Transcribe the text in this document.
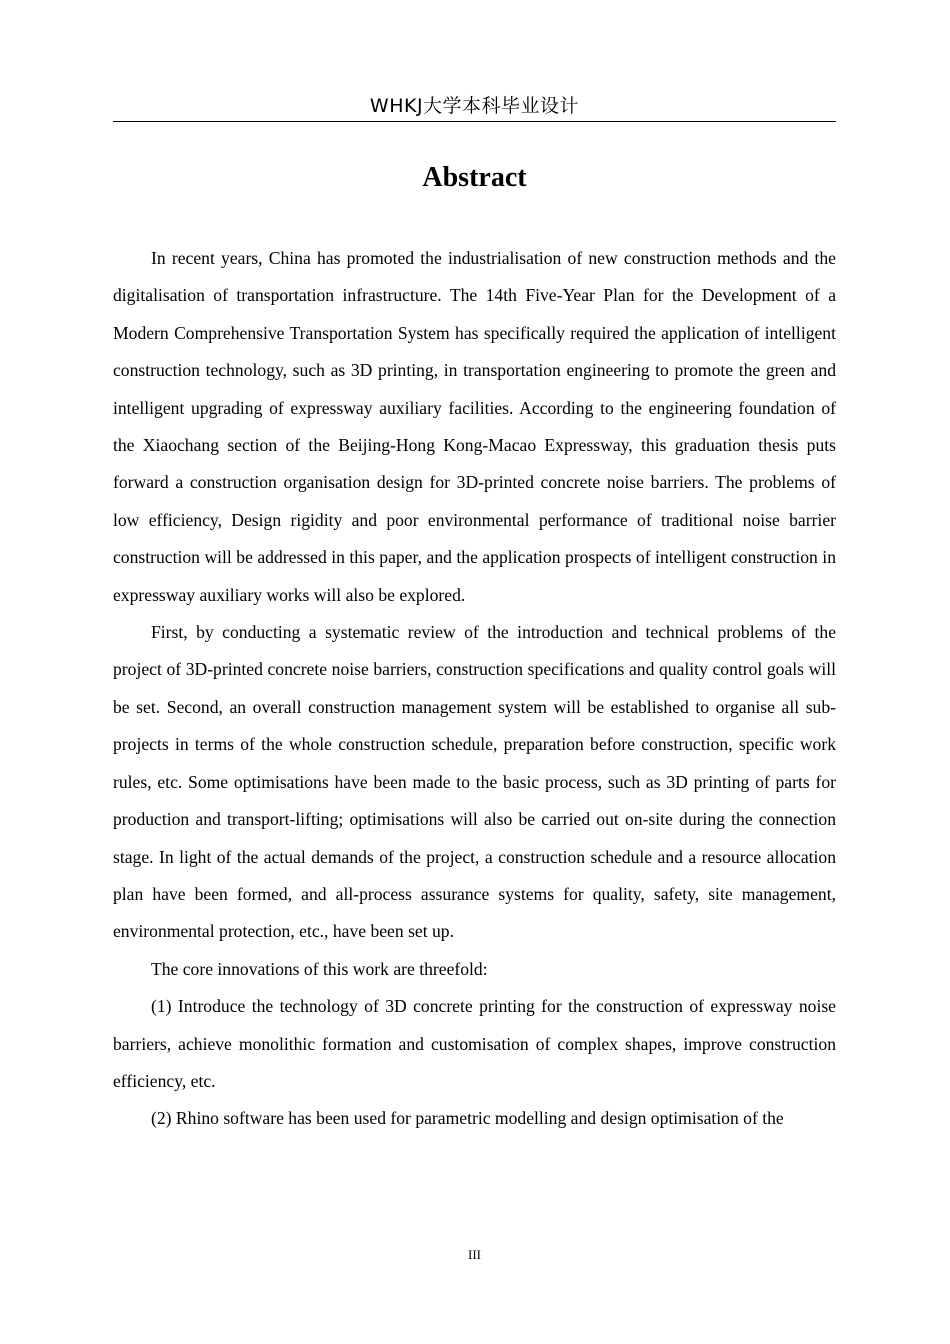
WHKJ大学本科毕业设计
Abstract

In recent years, China has promoted the industrialisation of new construction methods and the digitalisation of transportation infrastructure. The 14th Five-Year Plan for the Development of a Modern Comprehensive Transportation System has specifically required the application of intelligent construction technology, such as 3D printing, in transportation engineering to promote the green and intelligent upgrading of expressway auxiliary facilities. According to the engineering foundation of the Xiaochang section of the Beijing-Hong Kong-Macao Expressway, this graduation thesis puts forward a construction organisation design for 3D-printed concrete noise barriers. The problems of low efficiency, Design rigidity and poor environmental performance of traditional noise barrier construction will be addressed in this paper, and the application prospects of intelligent construction in expressway auxiliary works will also be explored.

First, by conducting a systematic review of the introduction and technical problems of the project of 3D-printed concrete noise barriers, construction specifications and quality control goals will be set. Second, an overall construction management system will be established to organise all sub-projects in terms of the whole construction schedule, preparation before construction, specific work rules, etc. Some optimisations have been made to the basic process, such as 3D printing of parts for production and transport-lifting; optimisations will also be carried out on-site during the connection stage. In light of the actual demands of the project, a construction schedule and a resource allocation plan have been formed, and all-process assurance systems for quality, safety, site management, environmental protection, etc., have been set up.

The core innovations of this work are threefold:

(1) Introduce the technology of 3D concrete printing for the construction of expressway noise barriers, achieve monolithic formation and customisation of complex shapes, improve construction efficiency, etc.

(2) Rhino software has been used for parametric modelling and design optimisation of the

III
